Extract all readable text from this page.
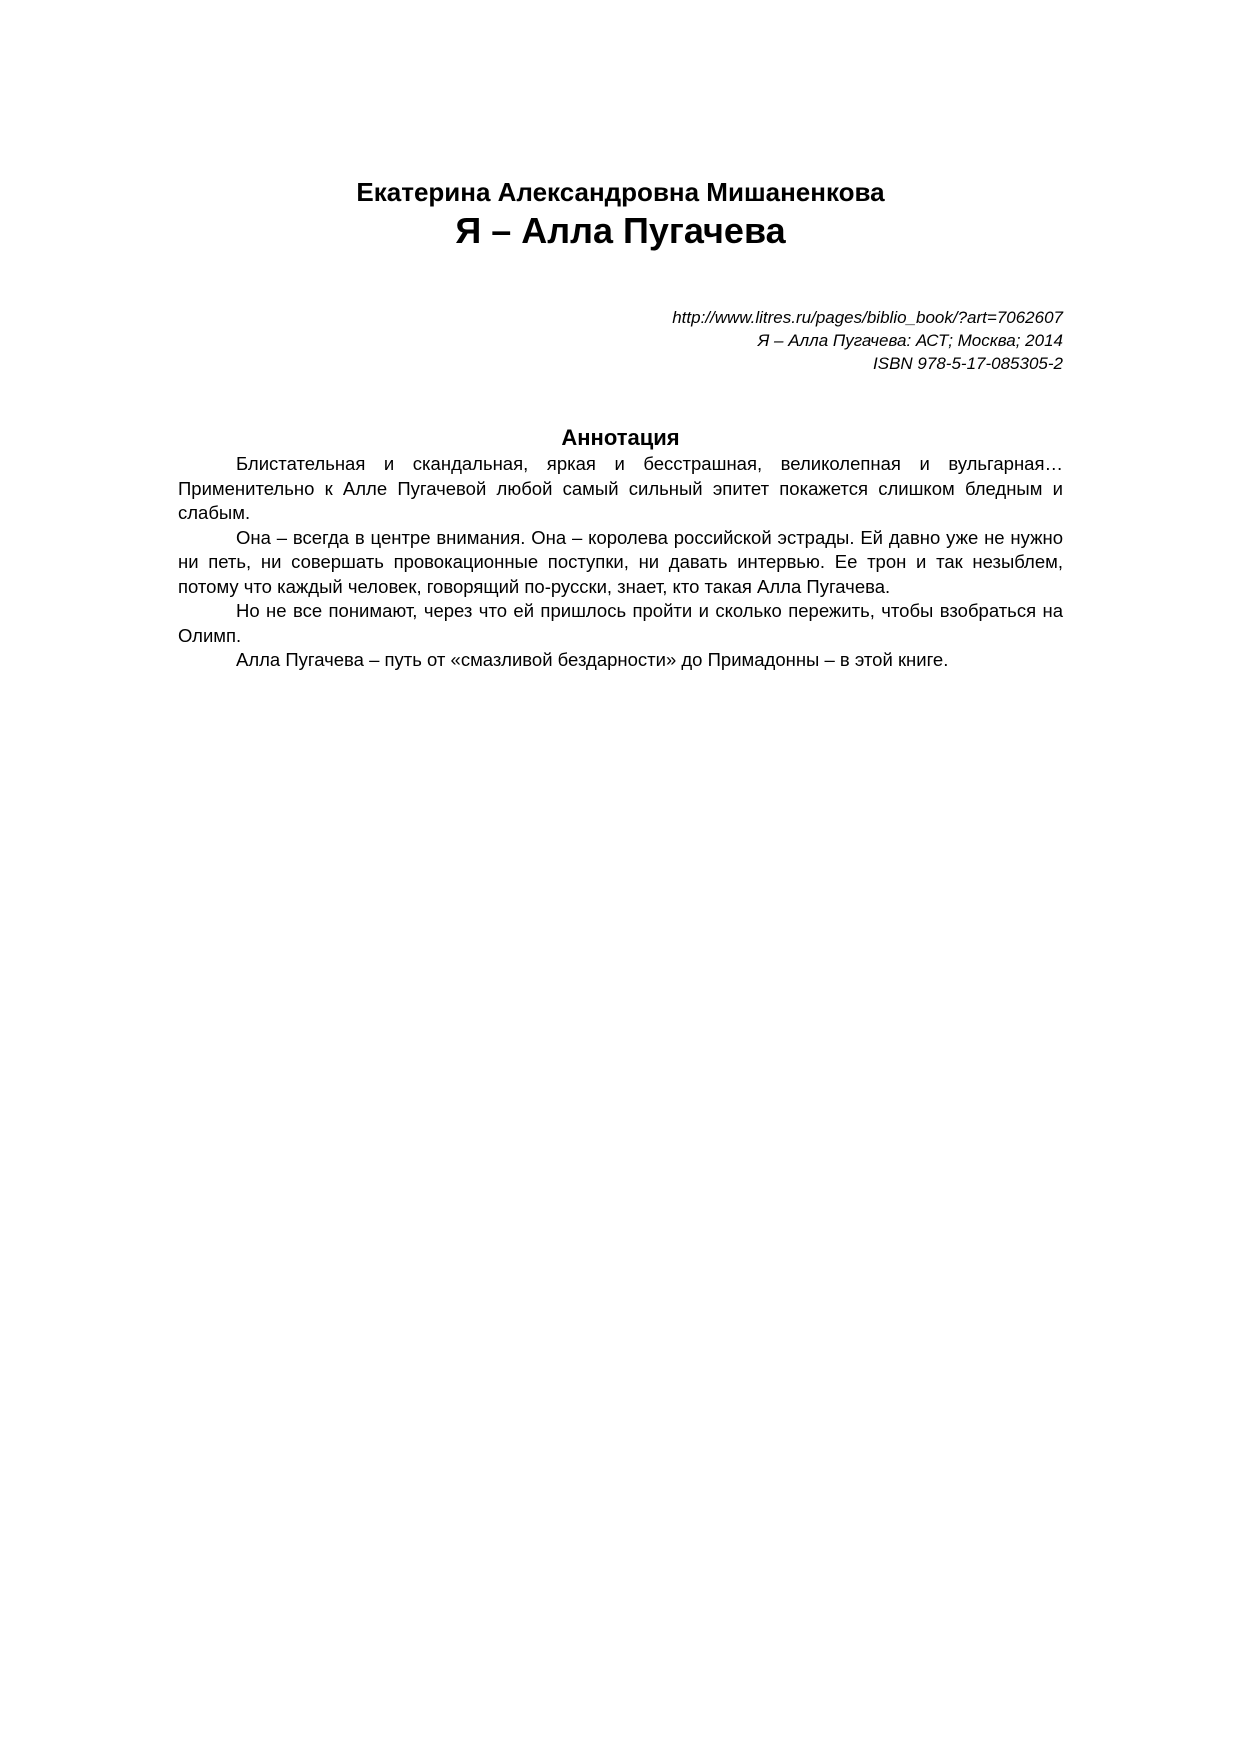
Екатерина Александровна Мишаненкова

Я – Алла Пугачева

http://www.litres.ru/pages/biblio_book/?art=7062607
Я – Алла Пугачева: АСТ; Москва; 2014
ISBN 978-5-17-085305-2

Аннотация

Блистательная и скандальная, яркая и бесстрашная, великолепная и вульгарная… Применительно к Алле Пугачевой любой самый сильный эпитет покажется слишком бледным и слабым.

Она – всегда в центре внимания. Она – королева российской эстрады. Ей давно уже не нужно ни петь, ни совершать провокационные поступки, ни давать интервью. Ее трон и так незыблем, потому что каждый человек, говорящий по-русски, знает, кто такая Алла Пугачева.

Но не все понимают, через что ей пришлось пройти и сколько пережить, чтобы взобраться на Олимп.

Алла Пугачева – путь от «смазливой бездарности» до Примадонны – в этой книге.
